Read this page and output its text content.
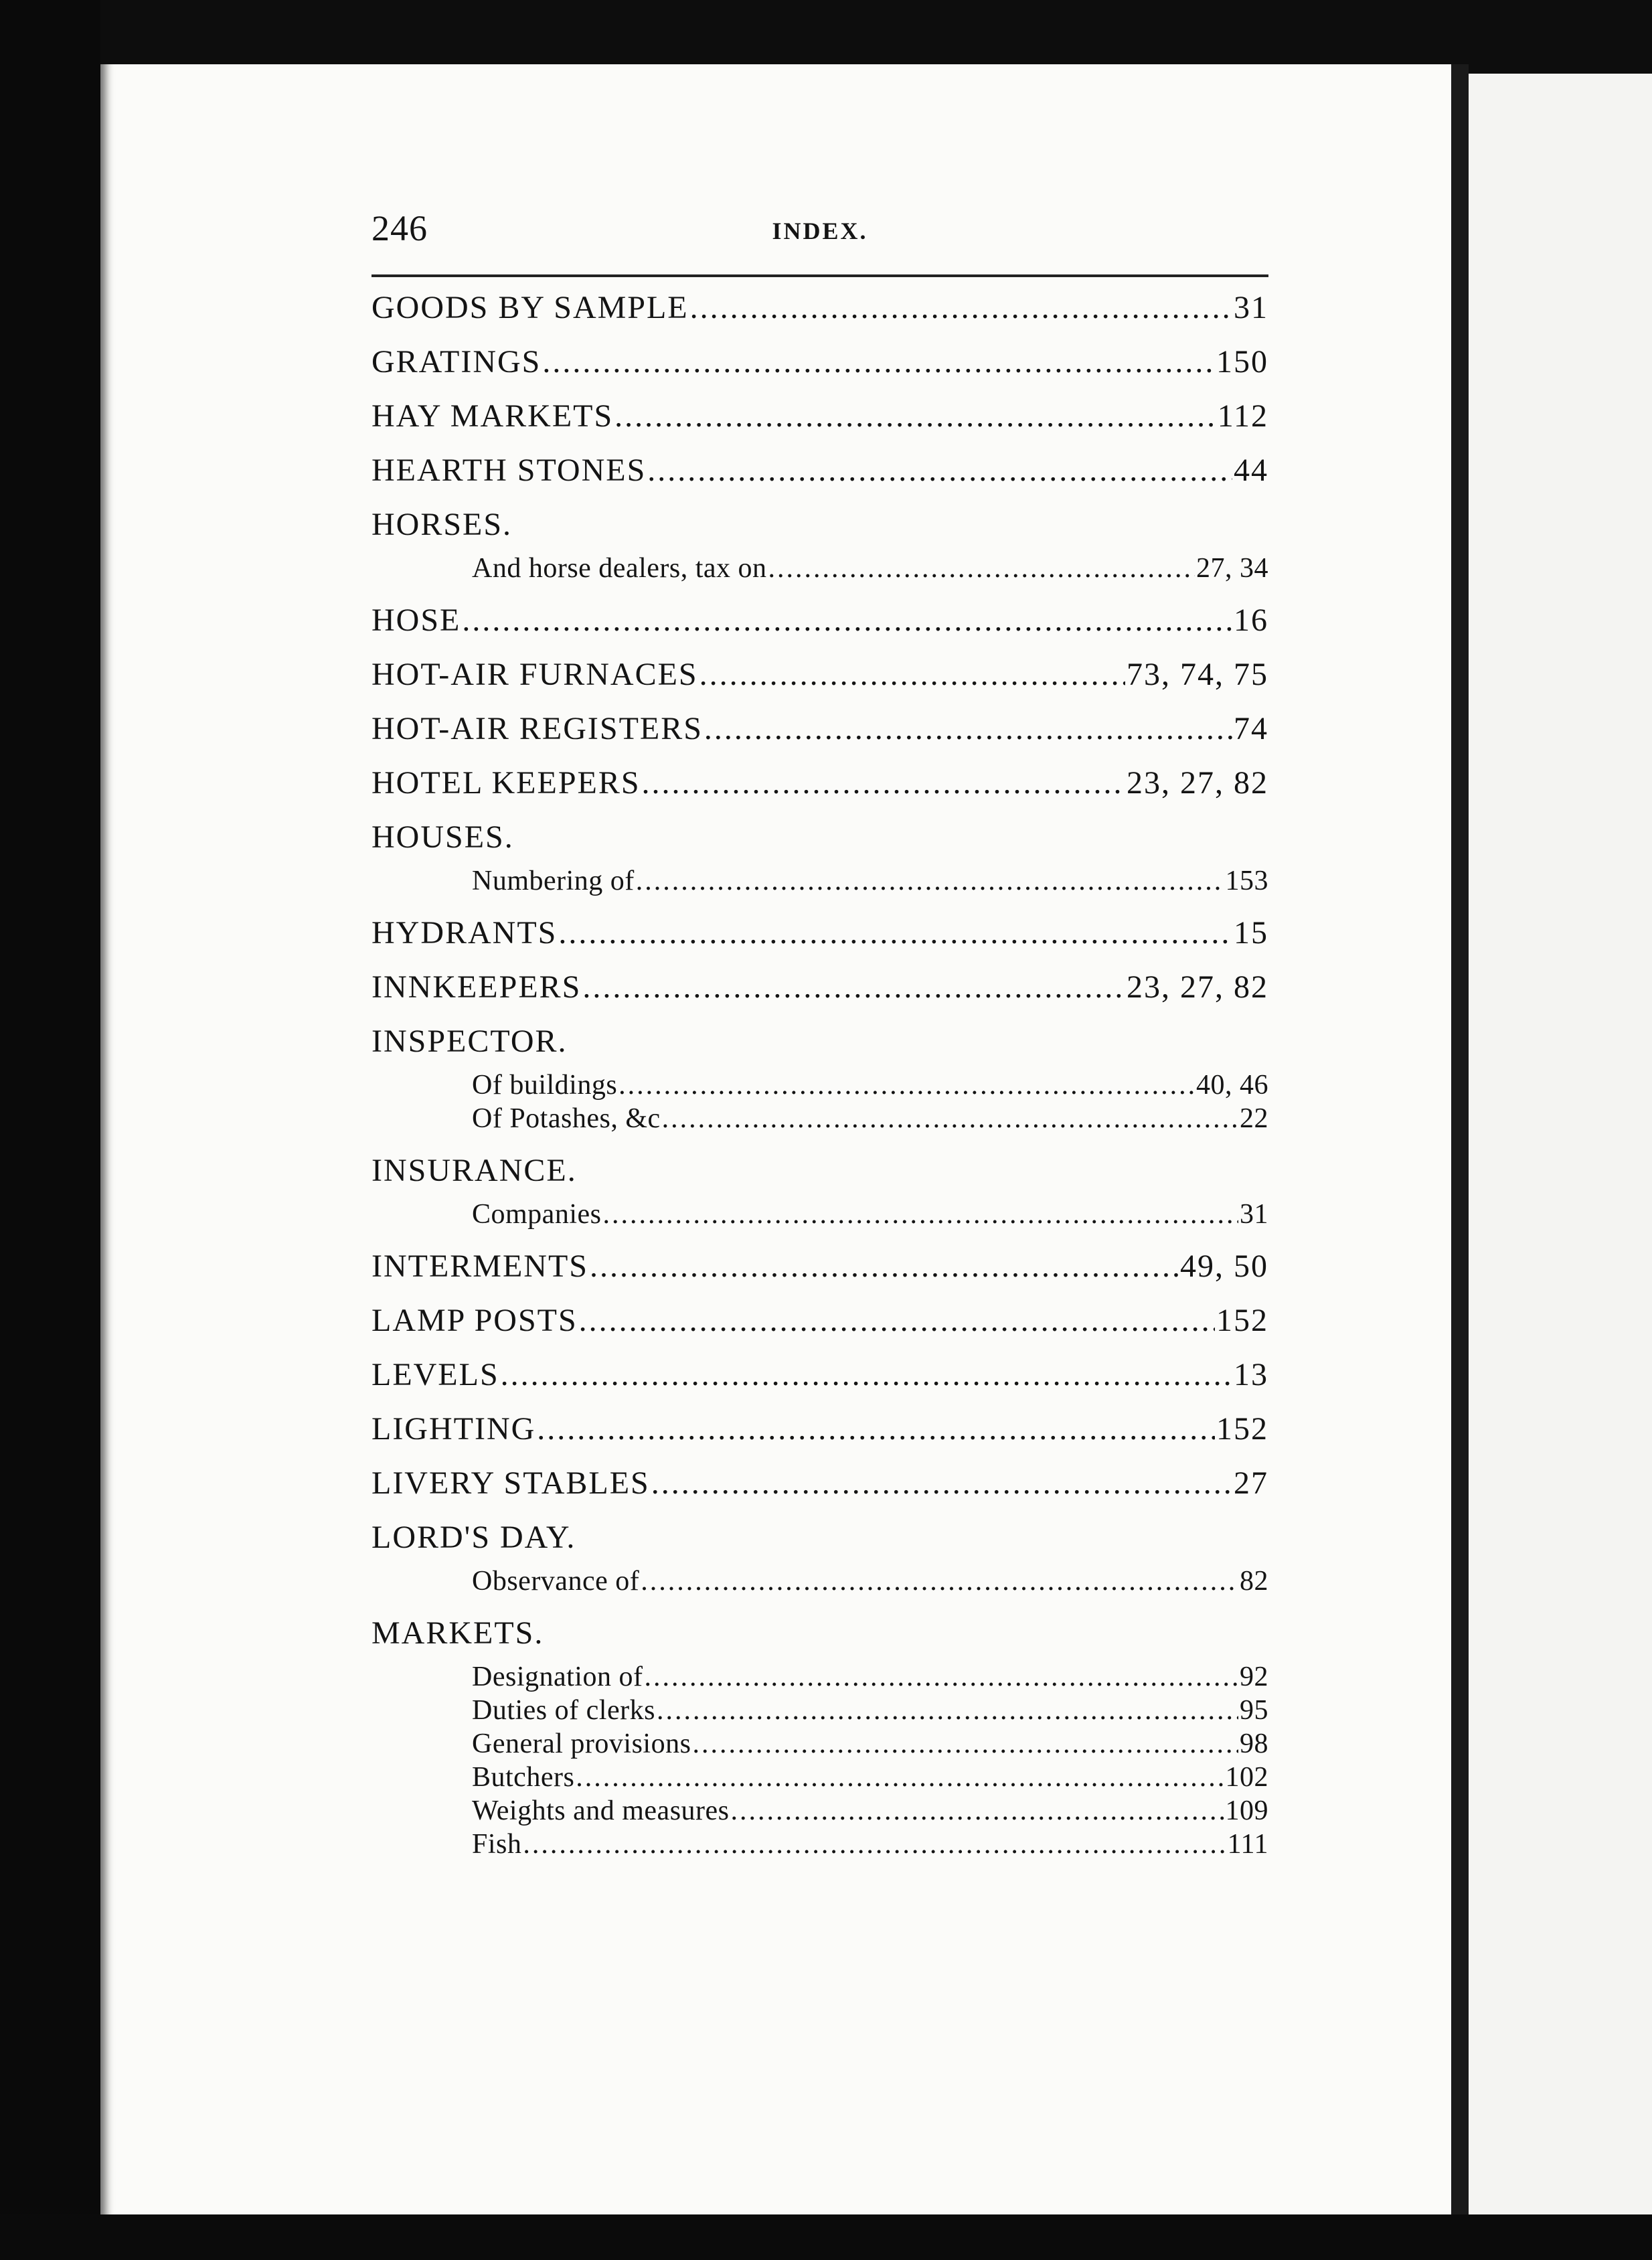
246	INDEX.
GOODS BY SAMPLE .....	31
GRATINGS .....	150
HAY MARKETS .....	112
HEARTH STONES .....	44
HORSES.
And horse dealers, tax on .....	27, 34
HOSE .....	16
HOT-AIR FURNACES .....	73, 74, 75
HOT-AIR REGISTERS .....	74
HOTEL KEEPERS .....	23, 27, 82
HOUSES.
Numbering of .....	153
HYDRANTS .....	15
INNKEEPERS .....	23, 27, 82
INSPECTOR.
Of buildings .....	40, 46
Of Potashes, &c .....	22
INSURANCE.
Companies .....	31
INTERMENTS .....	49, 50
LAMP POSTS .....	152
LEVELS .....	13
LIGHTING .....	152
LIVERY STABLES .....	27
LORD'S DAY.
Observance of .....	82
MARKETS.
Designation of .....	92
Duties of clerks .....	95
General provisions .....	98
Butchers .....	102
Weights and measures .....	109
Fish .....	111
